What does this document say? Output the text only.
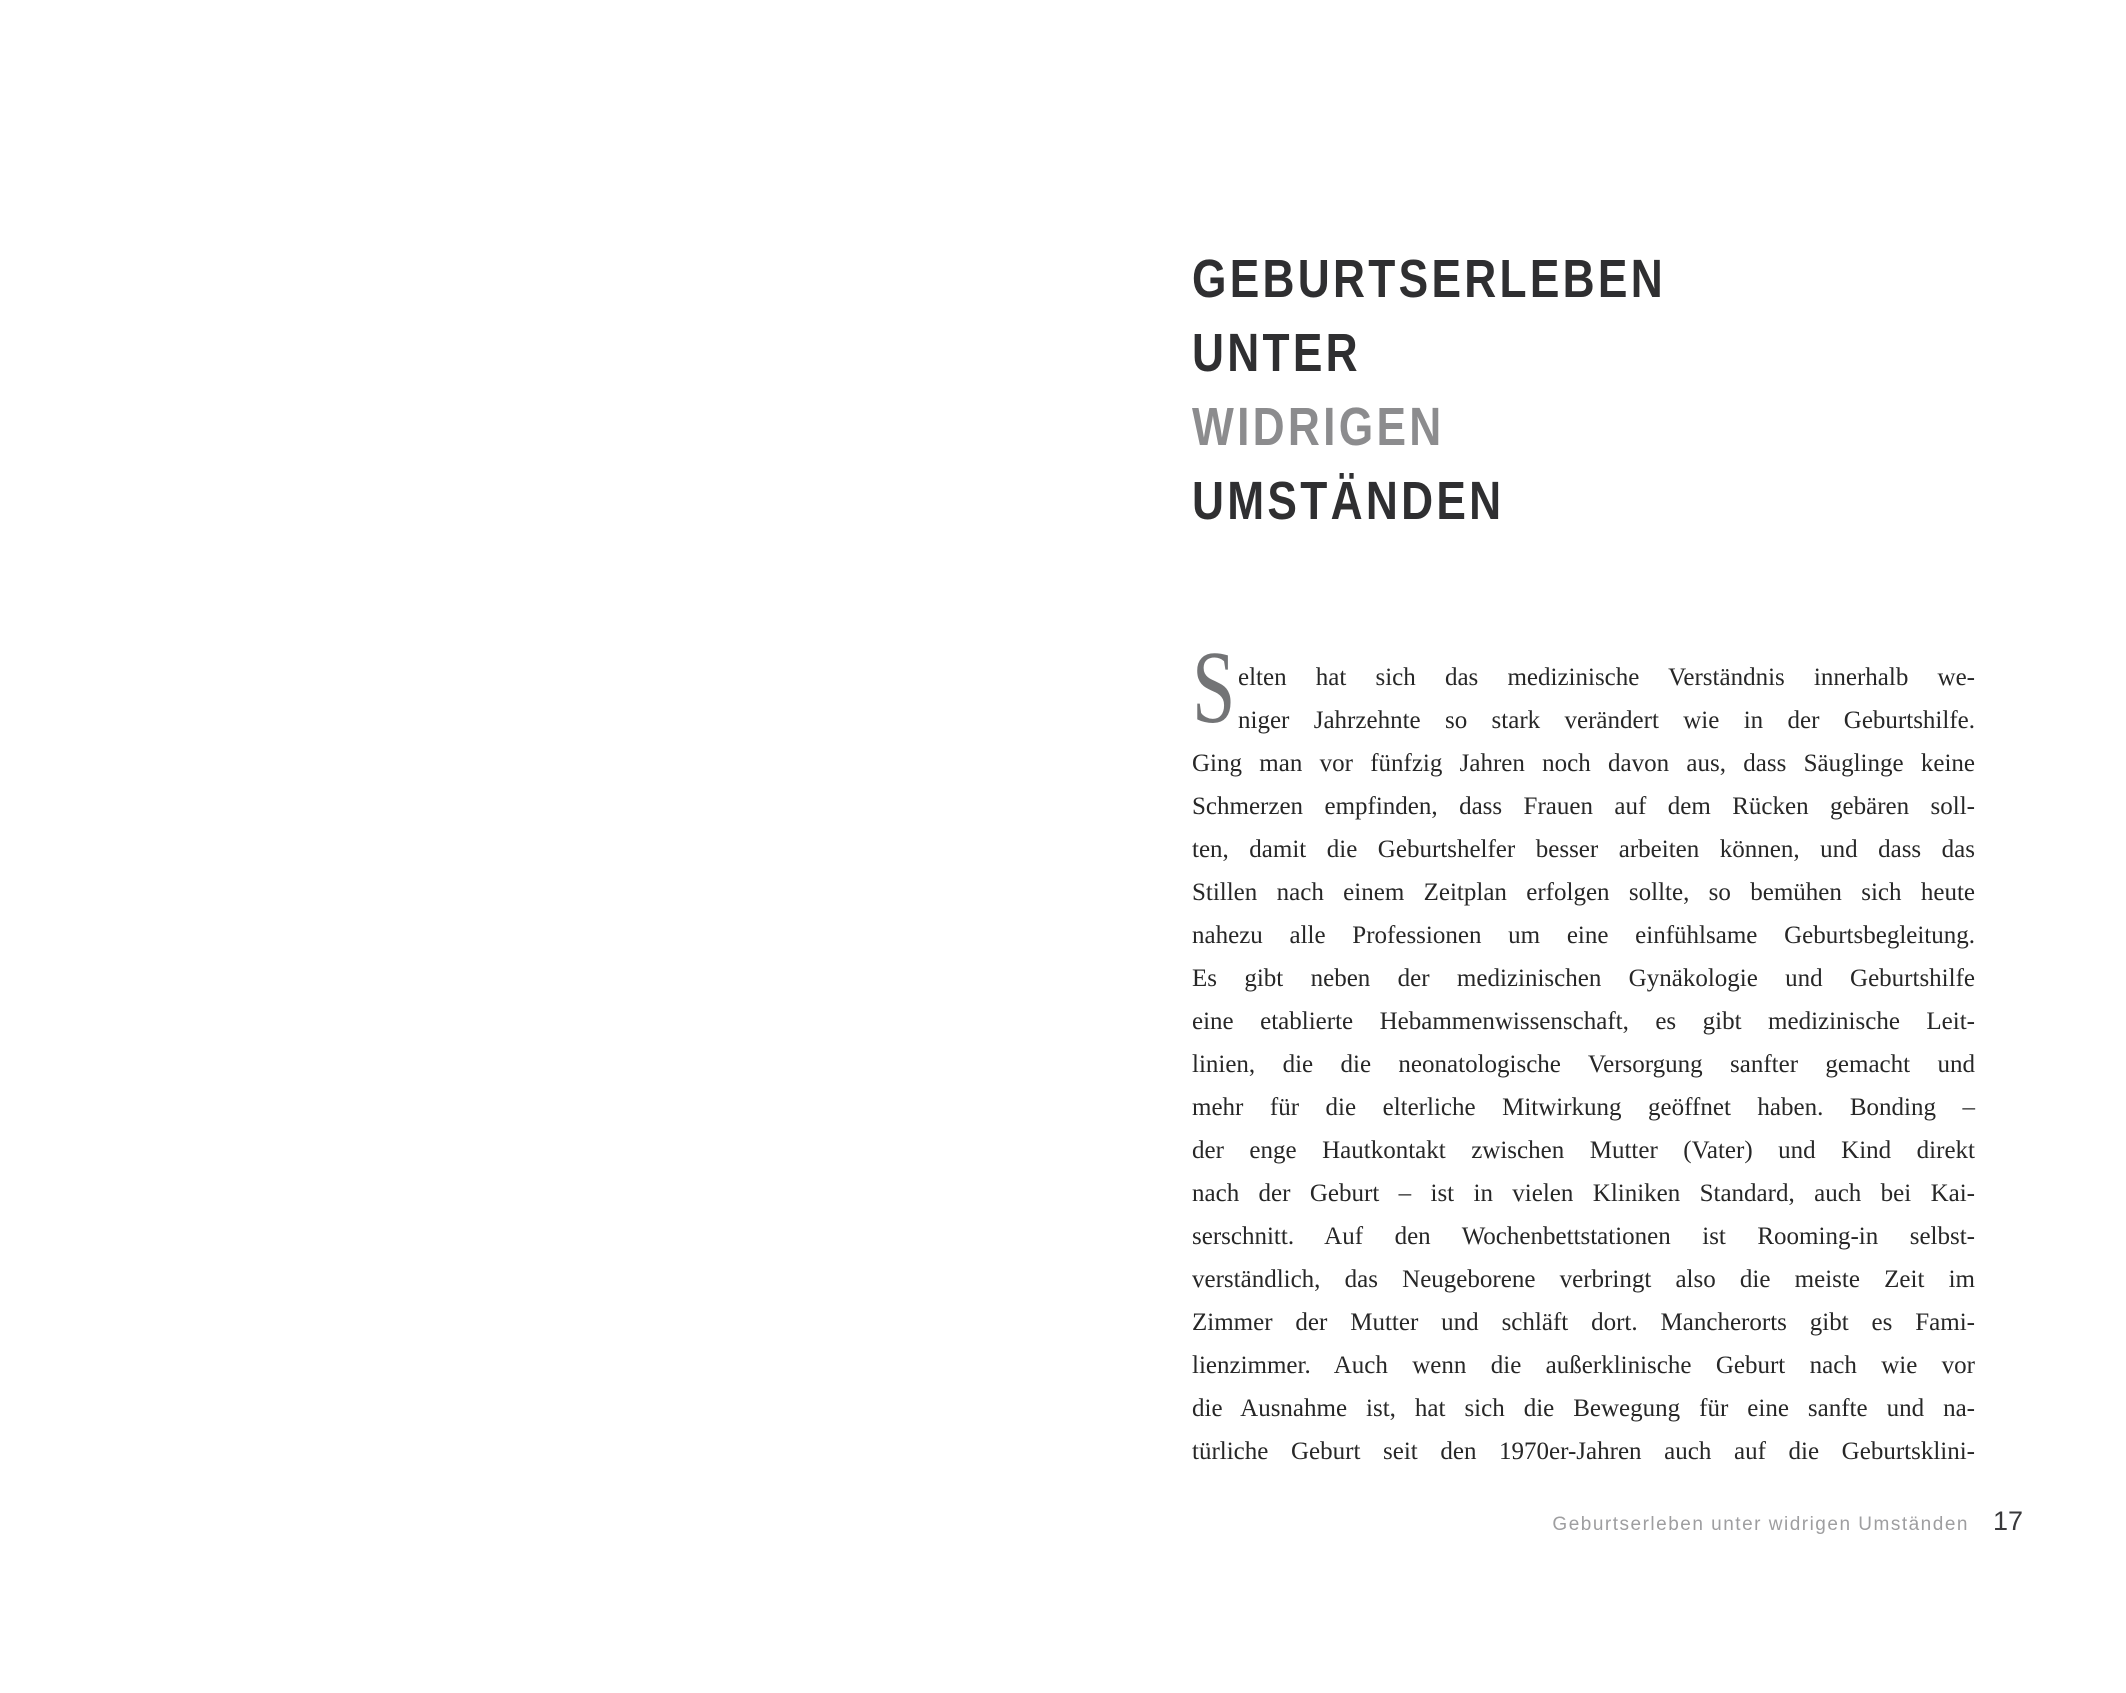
GEBURTSERLEBEN
UNTER
WIDRIGEN
UMSTÄNDEN
S elten hat sich das medizinische Verständnis innerhalb we-
niger Jahrzehnte so stark verändert wie in der Geburtshilfe.
Ging man vor fünfzig Jahren noch davon aus, dass Säuglinge keine
Schmerzen empfinden, dass Frauen auf dem Rücken gebären soll-
ten, damit die Geburtshelfer besser arbeiten können, und dass das
Stillen nach einem Zeitplan erfolgen sollte, so bemühen sich heute
nahezu alle Professionen um eine einfühlsame Geburtsbegleitung.
Es gibt neben der medizinischen Gynäkologie und Geburtshilfe
eine etablierte Hebammenwissenschaft, es gibt medizinische Leit-
linien, die die neonatologische Versorgung sanfter gemacht und
mehr für die elterliche Mitwirkung geöffnet haben. Bonding –
der enge Hautkontakt zwischen Mutter (Vater) und Kind direkt
nach der Geburt – ist in vielen Kliniken Standard, auch bei Kai-
serschnitt. Auf den Wochenbettstationen ist Rooming-in selbst-
verständlich, das Neugeborene verbringt also die meiste Zeit im
Zimmer der Mutter und schläft dort. Mancherorts gibt es Fami-
lienzimmer. Auch wenn die außerklinische Geburt nach wie vor
die Ausnahme ist, hat sich die Bewegung für eine sanfte und na-
türliche Geburt seit den 1970er-Jahren auch auf die Geburtsklini-
Geburtserleben unter widrigen Umständen 17
